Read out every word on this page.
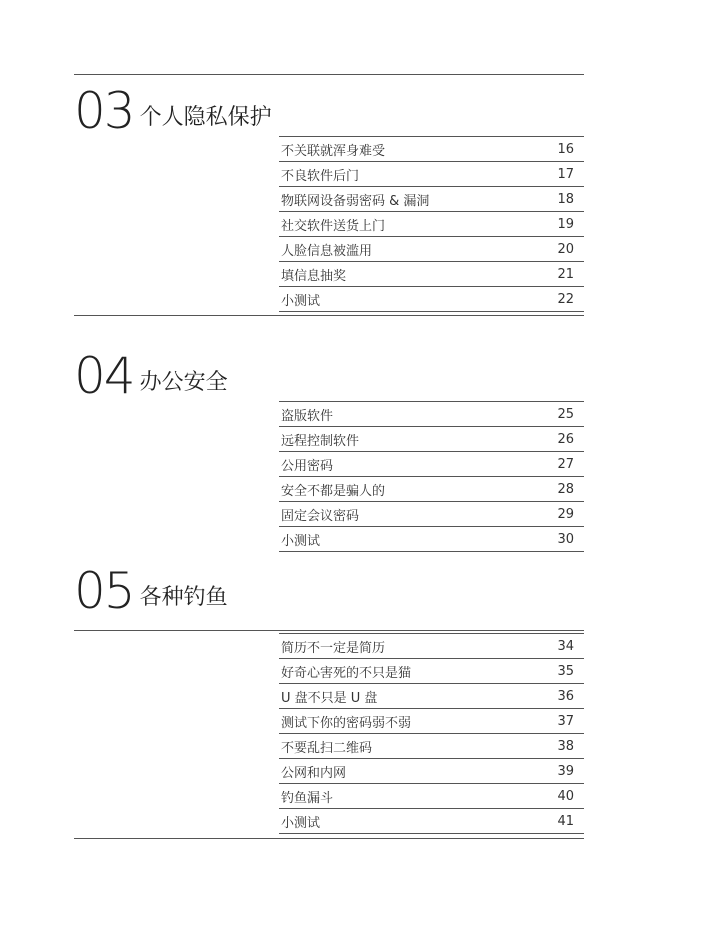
03 个人隐私保护
不关联就浑身难受	16
不良软件后门	17
物联网设备弱密码 & 漏洞	18
社交软件送货上门	19
人脸信息被滥用	20
填信息抽奖	21
小测试	22
04 办公安全
盗版软件	25
远程控制软件	26
公用密码	27
安全不都是骗人的	28
固定会议密码	29
小测试	30
05 各种钓鱼
简历不一定是简历	34
好奇心害死的不只是猫	35
U 盘不只是 U 盘	36
测试下你的密码弱不弱	37
不要乱扫二维码	38
公网和内网	39
钓鱼漏斗	40
小测试	41
